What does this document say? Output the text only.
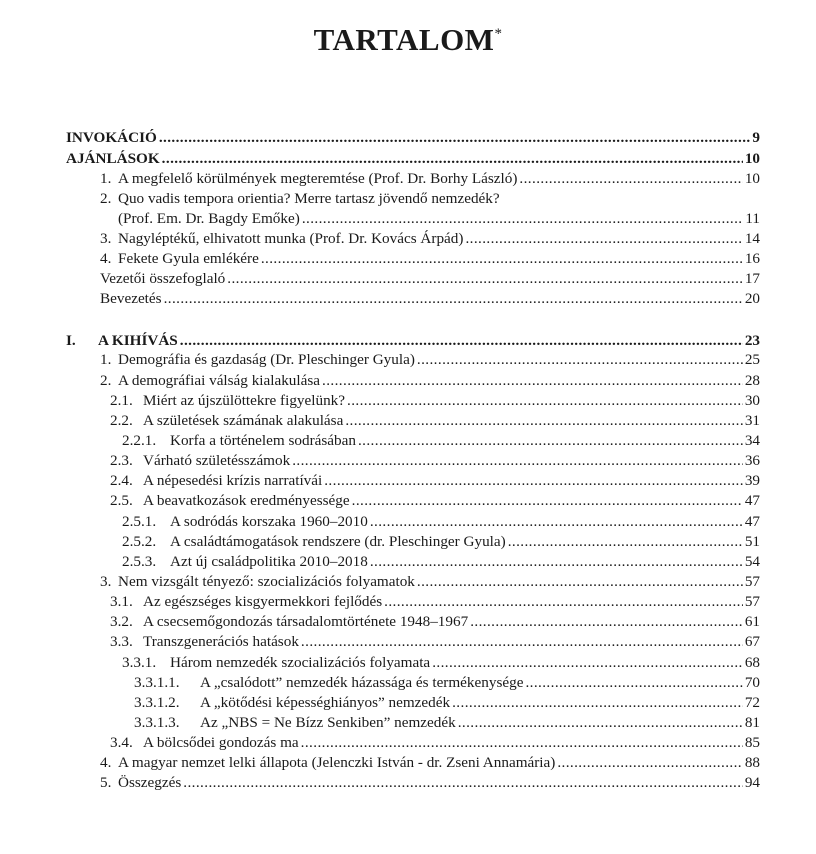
TARTALOM*
INVOKÁCIÓ .....	9
AJÁNLÁSOK .....	10
1. A megfelelő körülmények megteremtése (Prof. Dr. Borhy László) .....	10
2. Quo vadis tempora orientia? Merre tartasz jövendő nemzedék?
(Prof. Em. Dr. Bagdy Emőke) .....	11
3. Nagyléptékű, elhivatott munka (Prof. Dr. Kovács Árpád) .....	14
4. Fekete Gyula emlékére .....	16
Vezetői összefoglaló .....	17
Bevezetés .....	20
I.	A KIHÍVÁS .....	23
1. Demográfia és gazdaság (Dr. Pleschinger Gyula) .....	25
2. A demográfiai válság kialakulása .....	28
2.1. Miért az újszülöttekre figyelünk? .....	30
2.2. A születések számának alakulása .....	31
2.2.1. Korfa a történelem sodrásában .....	34
2.3. Várható születésszámok .....	36
2.4. A népesedési krízis narratívái .....	39
2.5. A beavatkozások eredményessége .....	47
2.5.1. A sodródás korszaka 1960–2010 .....	47
2.5.2. A családtámogatások rendszere (dr. Pleschinger Gyula) .....	51
2.5.3. Azt új családpolitika 2010–2018 .....	54
3. Nem vizsgált tényező: szocializációs folyamatok .....	57
3.1. Az egészséges kisgyermekkori fejlődés .....	57
3.2. A csecsemőgondozás társadalomtörténete 1948–1967 .....	61
3.3. Transzgenerációs hatások .....	67
3.3.1. Három nemzedék szocializációs folyamata .....	68
3.3.1.1.	A „csalódott” nemzedék házassága és termékenysége .....	70
3.3.1.2.	A „kötődési képességhiányos” nemzedék .....	72
3.3.1.3.	Az „NBS = Ne Bízz Senkiben” nemzedék .....	81
3.4. A bölcsődei gondozás ma .....	85
4. A magyar nemzet lelki állapota (Jelenczki István - dr. Zseni Annamária) .....	88
5. Összegzés .....	94
